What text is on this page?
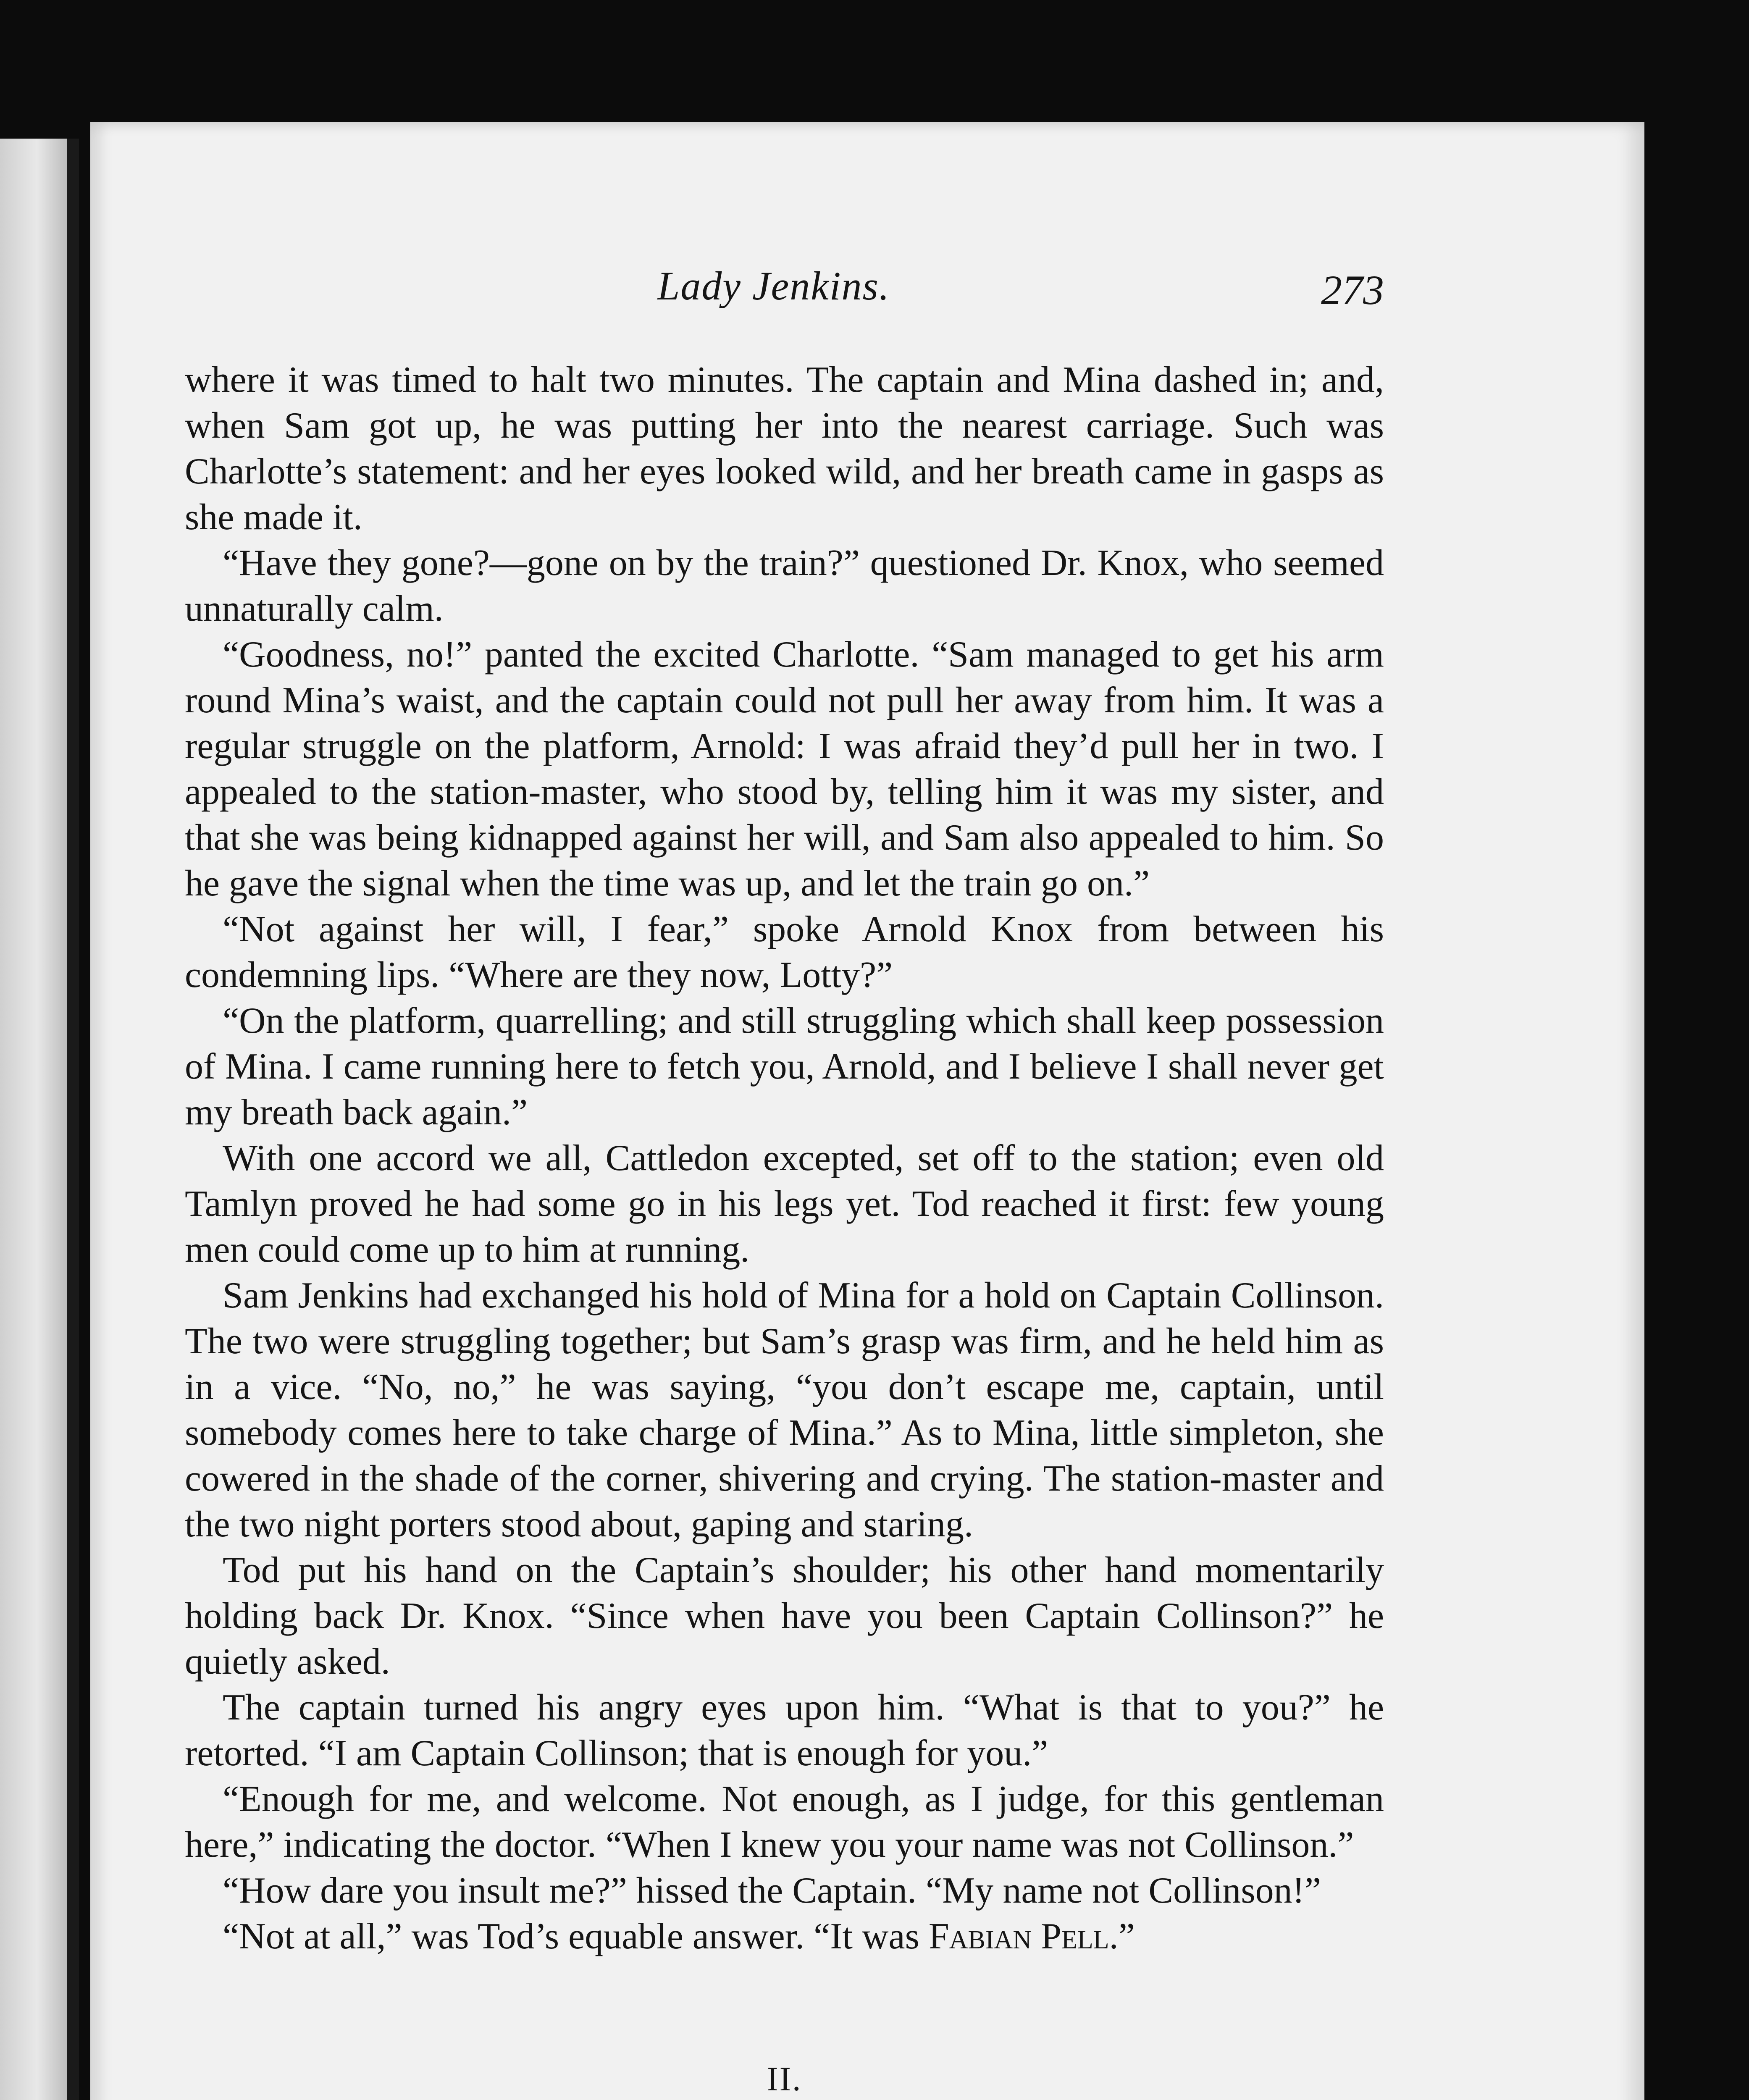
Lady Jenkins.	273

where it was timed to halt two minutes. The captain and Mina dashed in; and, when Sam got up, he was putting her into the nearest carriage. Such was Charlotte’s statement: and her eyes looked wild, and her breath came in gasps as she made it.

“Have they gone?—gone on by the train?” questioned Dr. Knox, who seemed unnaturally calm.

“Goodness, no!” panted the excited Charlotte. “Sam managed to get his arm round Mina’s waist, and the captain could not pull her away from him. It was a regular struggle on the platform, Arnold: I was afraid they’d pull her in two. I appealed to the station-master, who stood by, telling him it was my sister, and that she was being kidnapped against her will, and Sam also appealed to him. So he gave the signal when the time was up, and let the train go on.”

“Not against her will, I fear,” spoke Arnold Knox from between his condemning lips. “Where are they now, Lotty?”

“On the platform, quarrelling; and still struggling which shall keep possession of Mina. I came running here to fetch you, Arnold, and I believe I shall never get my breath back again.”

With one accord we all, Cattledon excepted, set off to the station; even old Tamlyn proved he had some go in his legs yet. Tod reached it first: few young men could come up to him at running.

Sam Jenkins had exchanged his hold of Mina for a hold on Captain Collinson. The two were struggling together; but Sam’s grasp was firm, and he held him as in a vice. “No, no,” he was saying, “you don’t escape me, captain, until somebody comes here to take charge of Mina.” As to Mina, little simpleton, she cowered in the shade of the corner, shivering and crying. The station-master and the two night porters stood about, gaping and staring.

Tod put his hand on the Captain’s shoulder; his other hand momentarily holding back Dr. Knox. “Since when have you been Captain Collinson?” he quietly asked.

The captain turned his angry eyes upon him. “What is that to you?” he retorted. “I am Captain Collinson; that is enough for you.”

“Enough for me, and welcome. Not enough, as I judge, for this gentleman here,” indicating the doctor. “When I knew you your name was not Collinson.”

“How dare you insult me?” hissed the Captain. “My name not Collinson!”

“Not at all,” was Tod’s equable answer. “It was Fabian Pell.”

II.
